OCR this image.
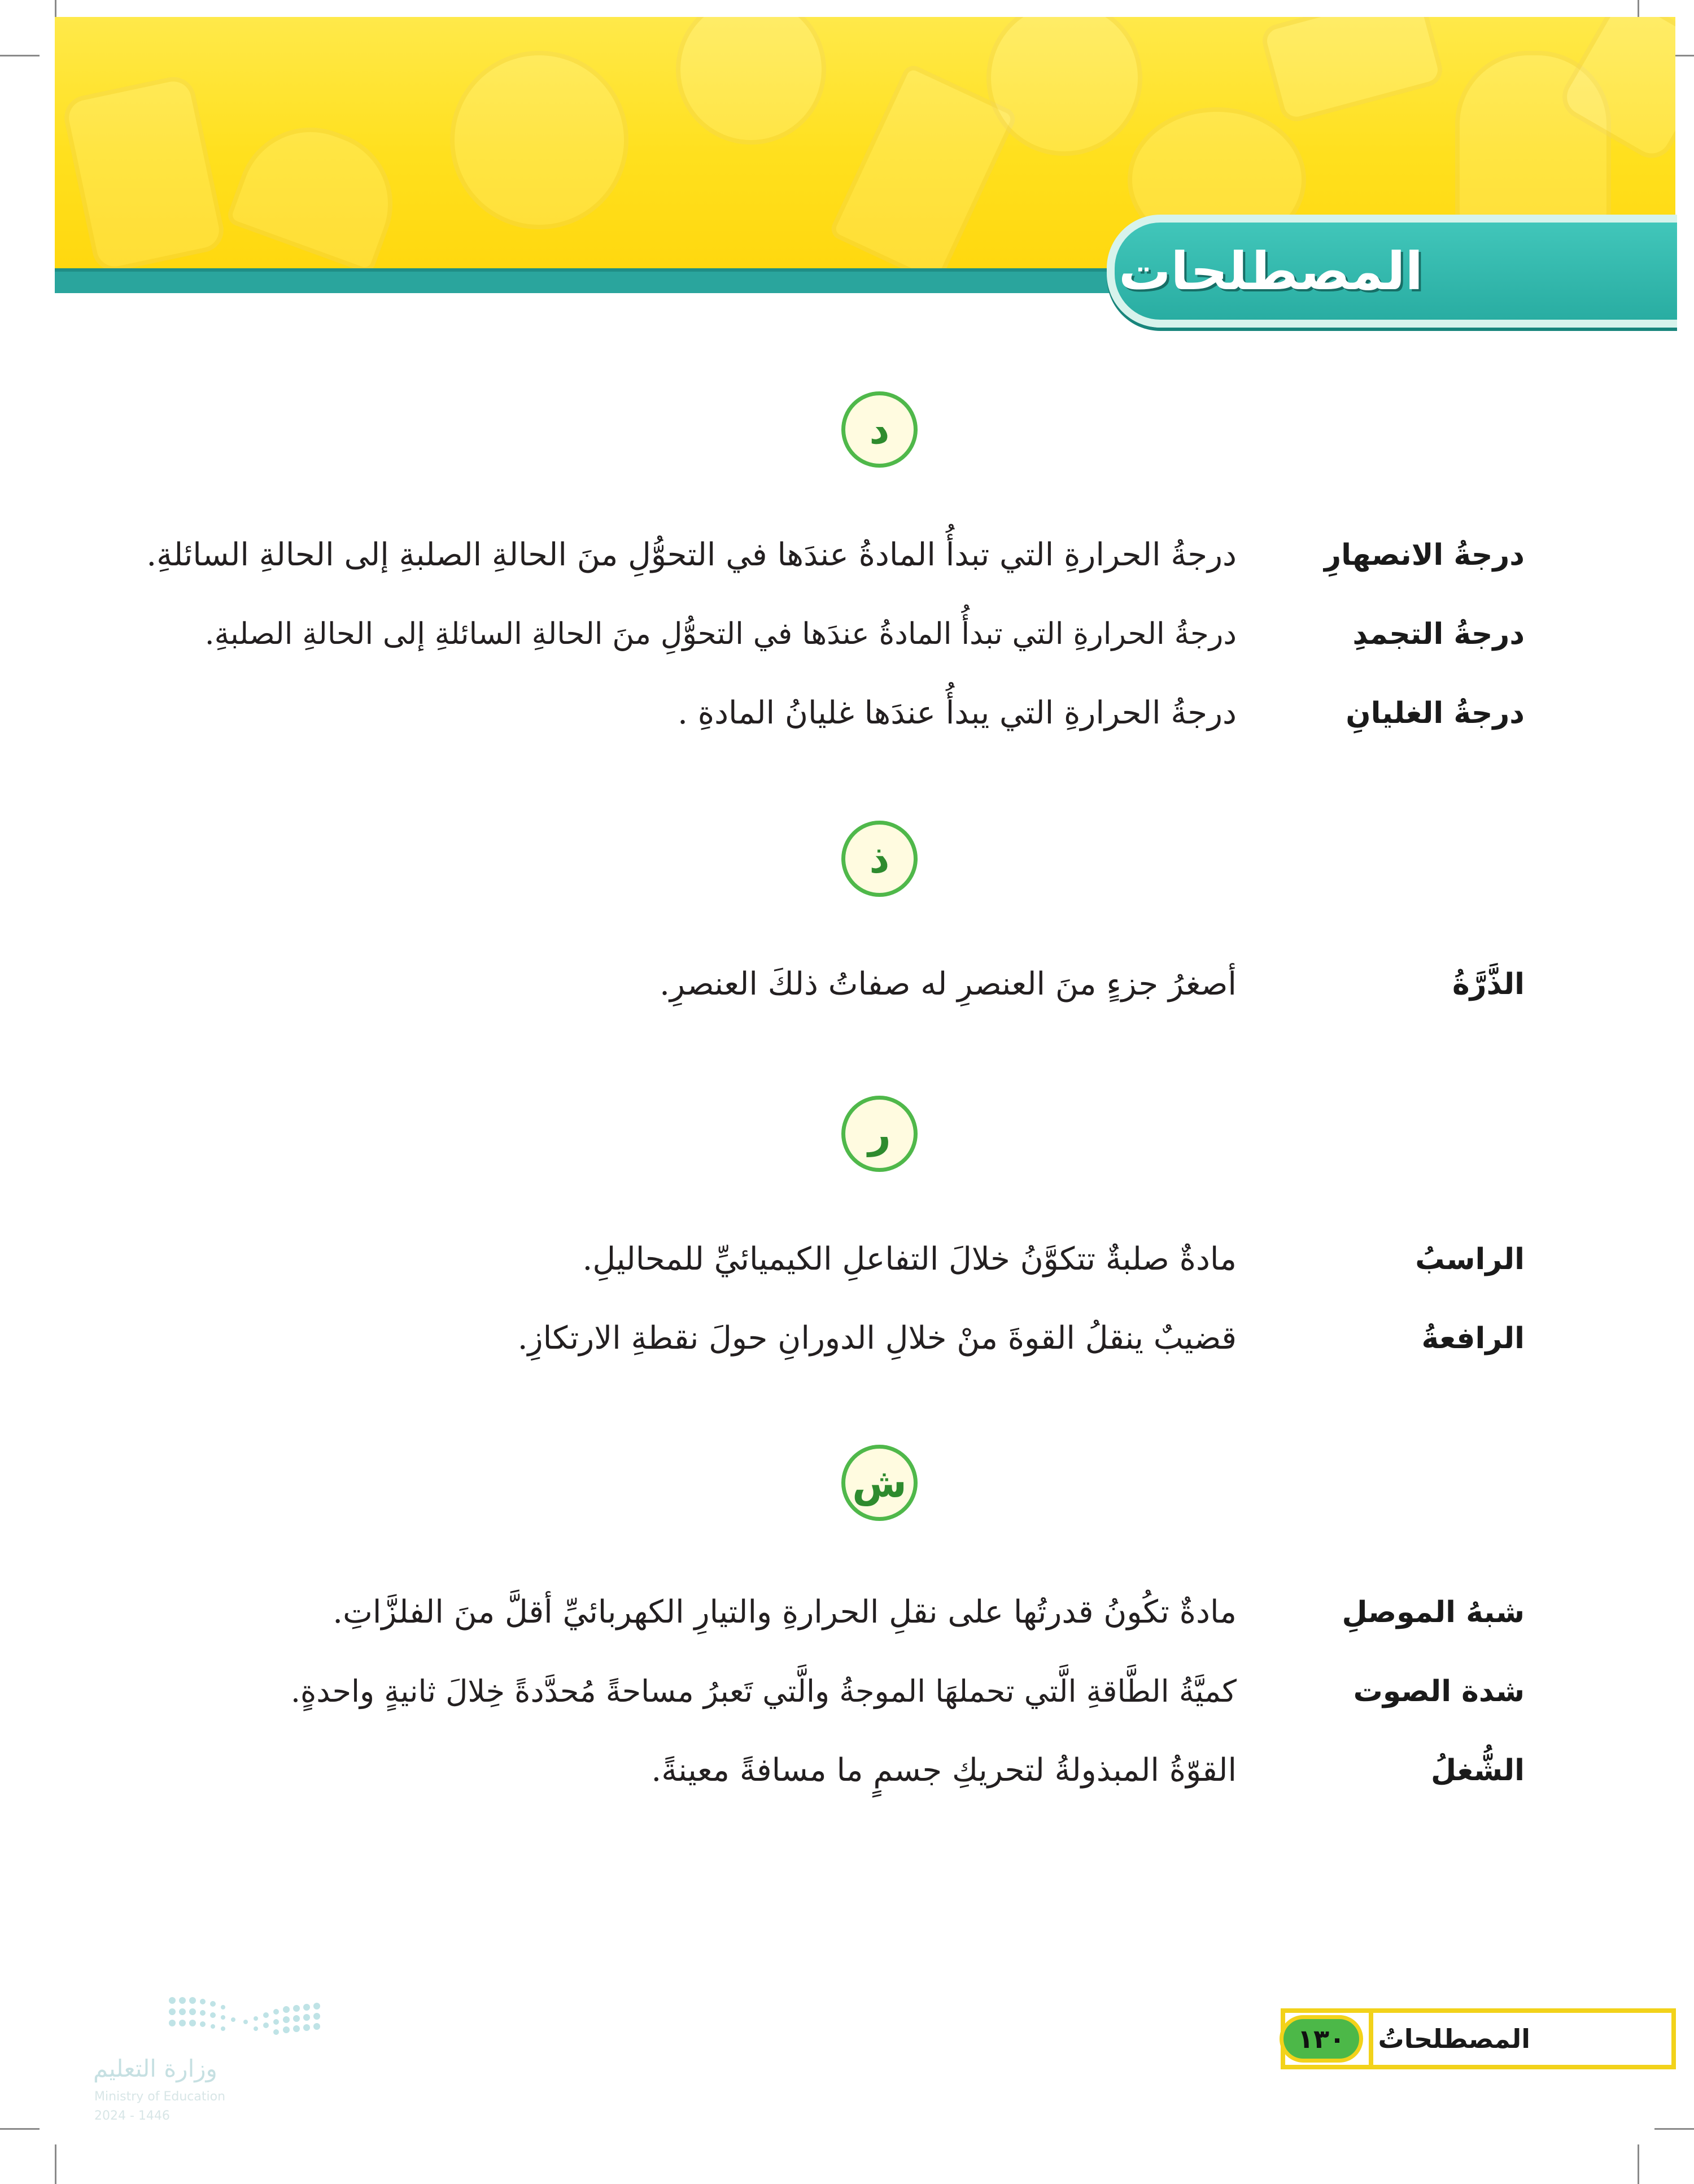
المصطلحات
د
درجةُ الانصهارِ
درجةُ الحرارةِ التي تبدأُ المادةُ عندَها في التحوُّلِ منَ الحالةِ الصلبةِ إلى الحالةِ السائلةِ.
درجةُ التجمدِ
درجةُ الحرارةِ التي تبدأُ المادةُ عندَها في التحوُّلِ منَ الحالةِ السائلةِ إلى الحالةِ الصلبةِ.
درجةُ الغليانِ
درجةُ الحرارةِ التي يبدأُ عندَها غليانُ المادةِ .
ذ
الذَّرَّةُ
أصغرُ جزءٍ منَ العنصرِ له صفاتُ ذلكَ العنصرِ.
ر
الراسبُ
مادةٌ صلبةٌ تتكوَّنُ خلالَ التفاعلِ الكيميائيِّ للمحاليلِ.
الرافعةُ
قضيبٌ ينقلُ القوةَ منْ خلالِ الدورانِ حولَ نقطةِ الارتكازِ.
ش
شبهُ الموصلِ
مادةٌ تكُونُ قدرتُها على نقلِ الحرارةِ والتيارِ الكهربائيِّ أقلَّ منَ الفلزَّاتِ.
شدة الصوت
كميَّةُ الطَّاقةِ الَّتي تحملهَا الموجةُ والَّتي تَعبرُ مساحةً مُحدَّدةً خِلالَ ثانيةٍ واحدةٍ.
الشُّغلُ
القوّةُ المبذولةُ لتحريكِ جسمٍ ما مسافةً معينةً.
وزارة التعليم
Ministry of Education
2024 - 1446
المصطلحاتُ
١٣٠
